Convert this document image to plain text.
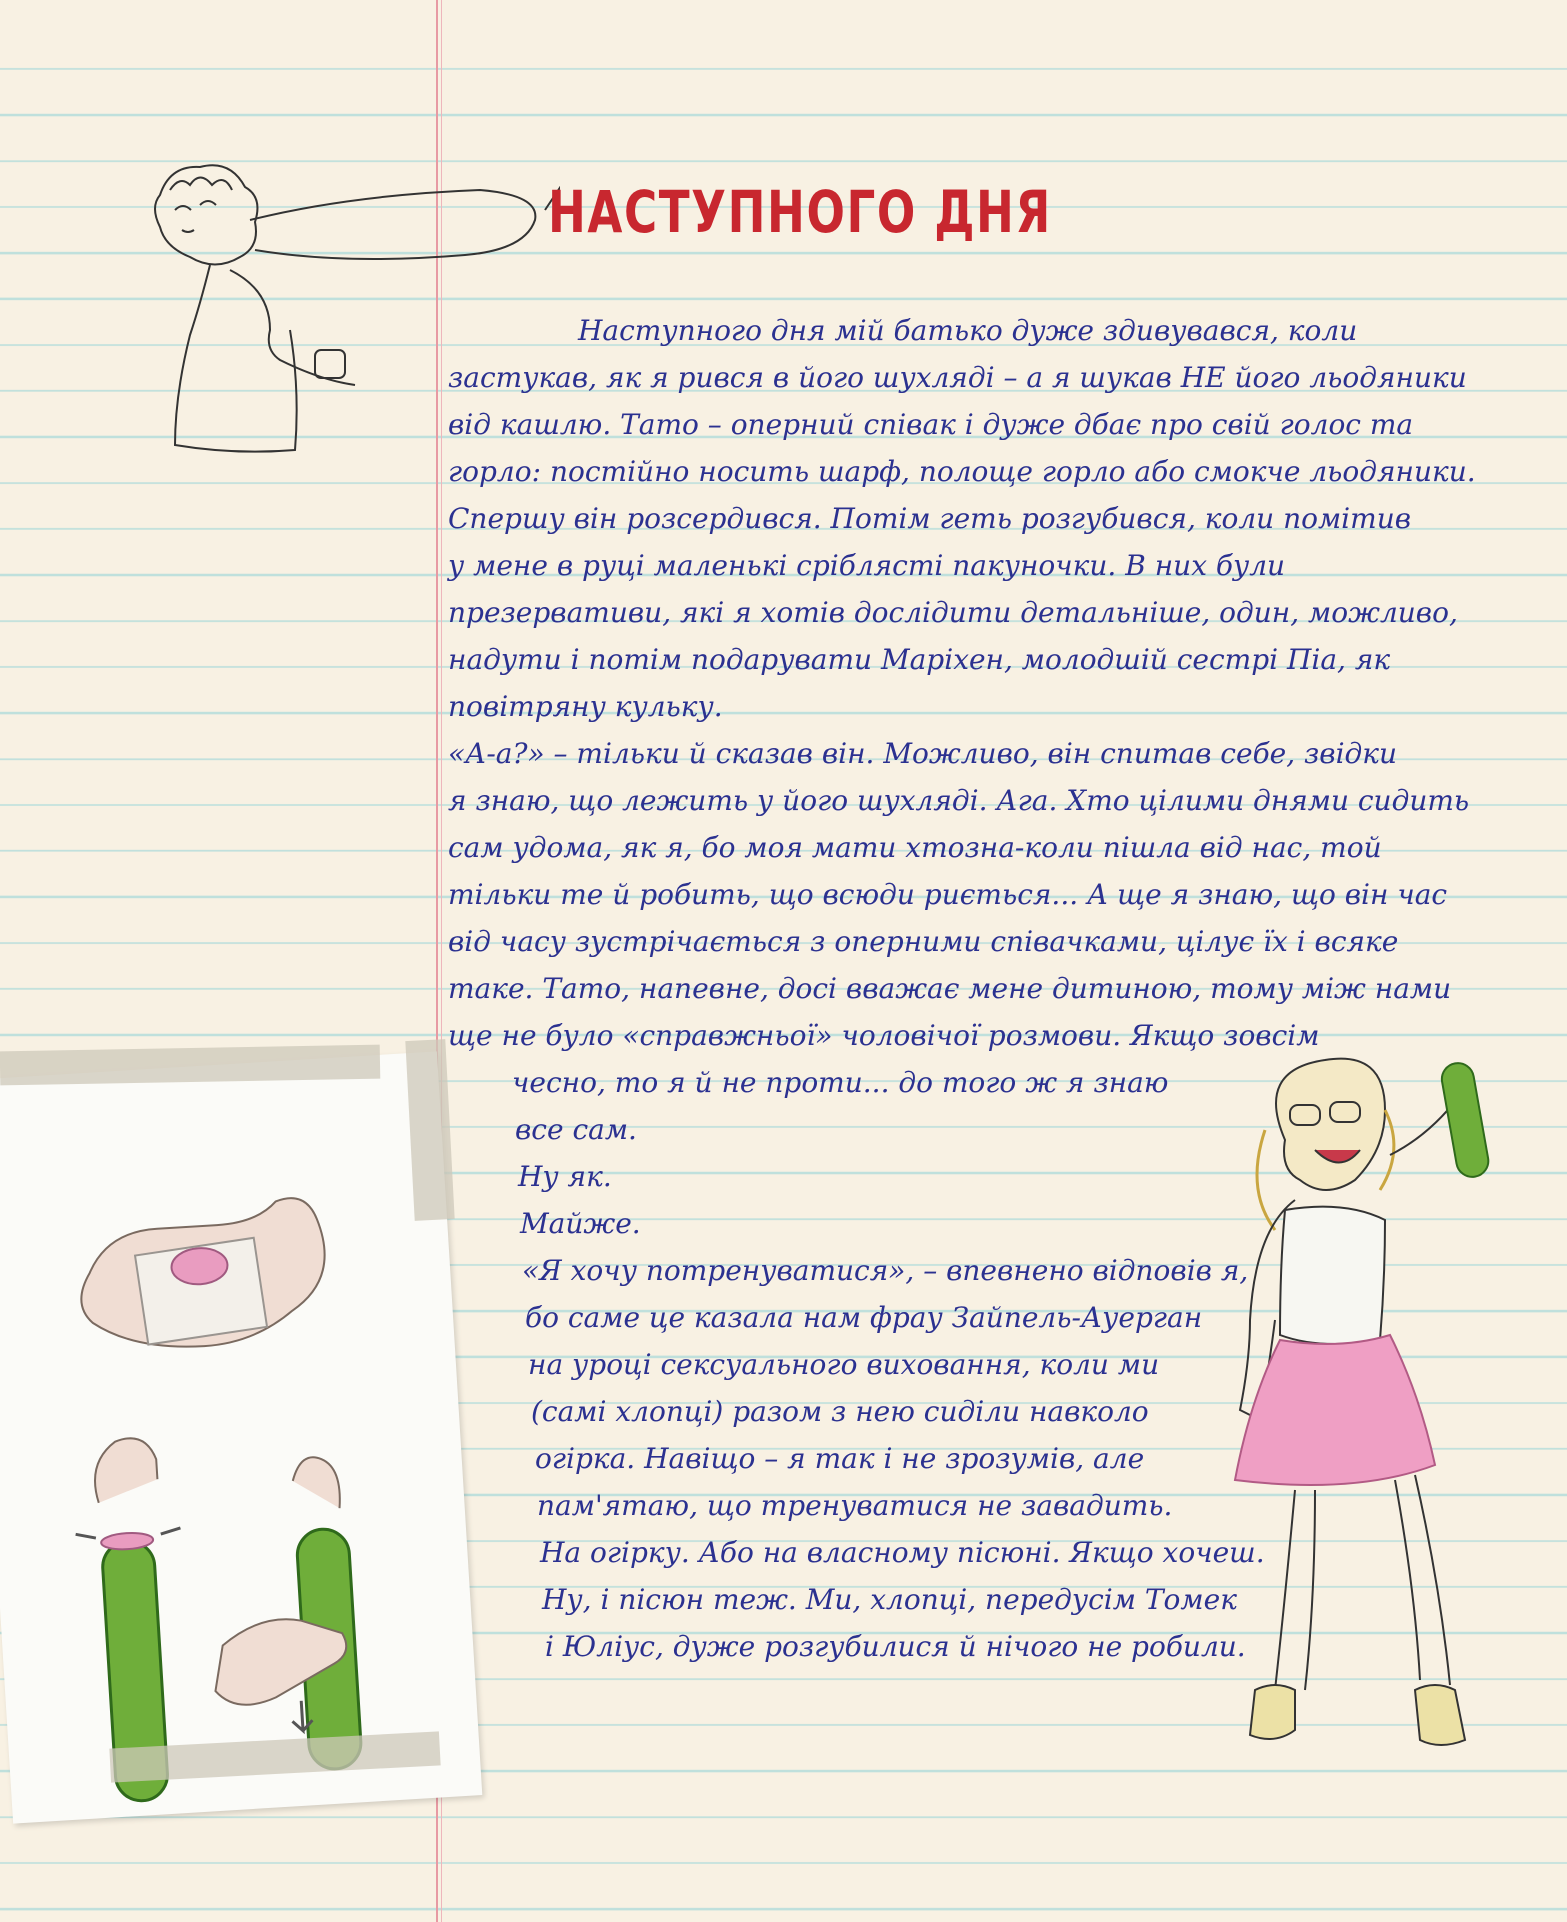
НАСТУПНОГО ДНЯ
Наступного дня мій батько дуже здивувався, коли
застукав, як я рився в його шухляді – а я шукав НЕ його льодяники
від кашлю. Тато – оперний співак і дуже дбає про свій голос та
горло: постійно носить шарф, полоще горло або смокче льодяники.
Спершу він розсердився. Потім геть розгубився, коли помітив
у мене в руці маленькі сріблясті пакуночки. В них були
презервативи, які я хотів дослідити детальніше, один, можливо,
надути і потім подарувати Маріхен, молодшій сестрі Піа, як
повітряну кульку.
«А-а?» – тільки й сказав він. Можливо, він спитав себе, звідки
я знаю, що лежить у його шухляді. Ага. Хто цілими днями сидить
сам удома, як я, бо моя мати хтозна-коли пішла від нас, той
тільки те й робить, що всюди риється... А ще я знаю, що він час
від часу зустрічається з оперними співачками, цілує їх і всяке
таке. Тато, напевне, досі вважає мене дитиною, тому між нами
ще не було «справжньої» чоловічої розмови. Якщо зовсім
чесно, то я й не проти... до того ж я знаю
все сам.
Ну як.
Майже.
«Я хочу потренуватися», – впевнено відповів я,
бо саме це казала нам фрау Зайпель-Ауерган
на уроці сексуального виховання, коли ми
(самі хлопці) разом з нею сиділи навколо
огірка. Навіщо – я так і не зрозумів, але
пам'ятаю, що тренуватися не завадить.
На огірку. Або на власному пісюні. Якщо хочеш.
Ну, і пісюн теж. Ми, хлопці, передусім Томек
і Юліус, дуже розгубилися й нічого не робили.
